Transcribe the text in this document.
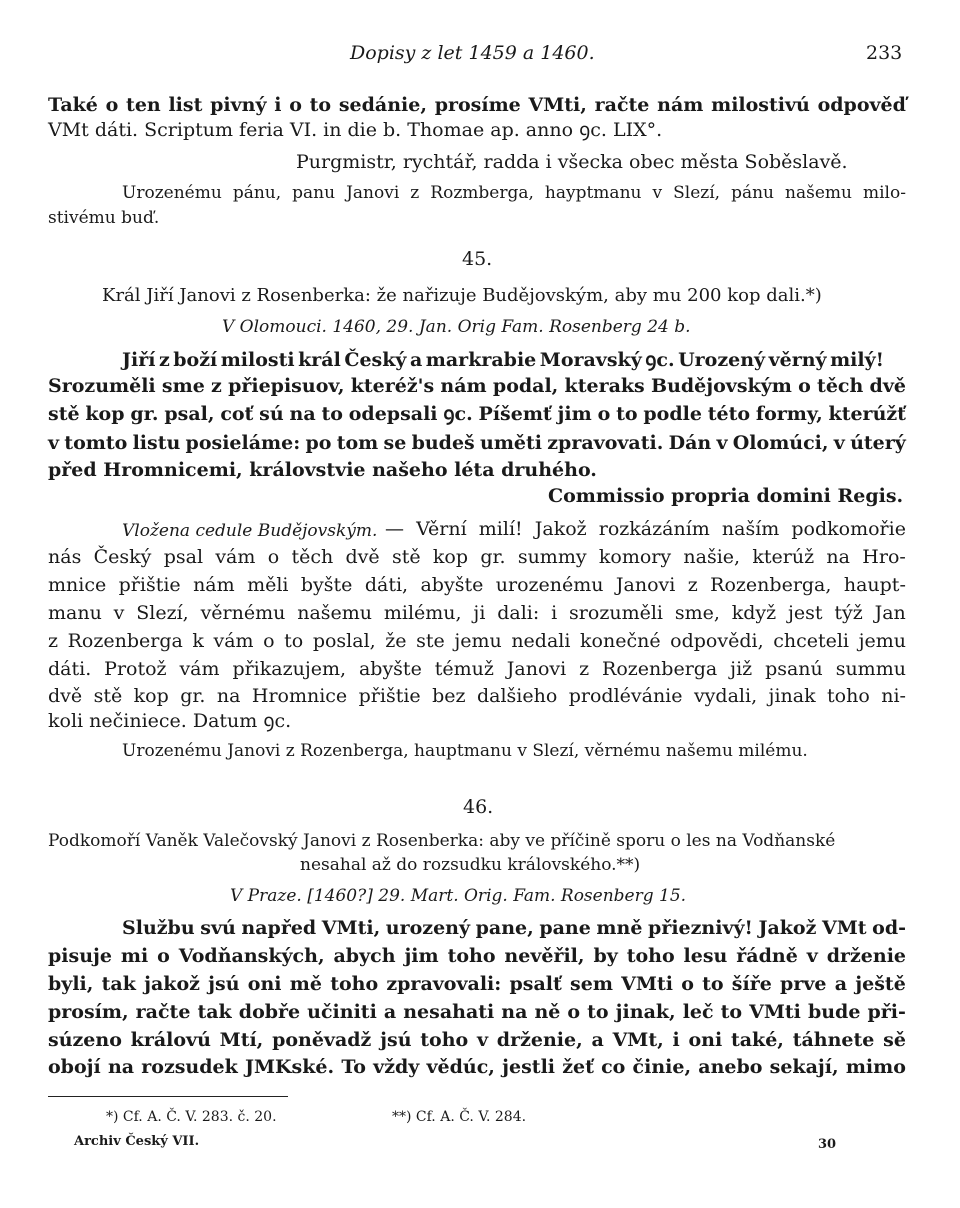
Dopisy z let 1459 a 1460.	233
Také o ten list pivný i o to sedánie, prosíme VMti, račte nám milostivú odpověď
VMt dáti. Scriptum feria VI. in die b. Thomae ap. anno ꝯc. LIX°.
Purgmistr, rychtář, radda i všecka obec města Soběslavě.
Urozenému pánu, panu Janovi z Rozmberga, hayptmanu v Slezí, pánu našemu milo-
stivému buď.
45.
Král Jiří Janovi z Rosenberka: že nařizuje Budějovským, aby mu 200 kop dali.*)
V Olomouci. 1460, 29. Jan. Orig Fam. Rosenberg 24 b.
Jiří z boží milosti král Český a markrabie Moravský ꝯc. Urozený věrný milý!
Srozuměli sme z přiepisuov, kteréž's nám podal, kteraks Budějovským o těch dvě
stě kop gr. psal, coť sú na to odepsali ꝯc. Píšemť jim o to podle této formy, kterúžť
v tomto listu posieláme: po tom se budeš uměti zpravovati. Dán v Olomúci, v úterý
před Hromnicemi, královstvie našeho léta druhého.
Commissio propria domini Regis.
Vložena cedule Budějovským. — Věrní milí! Jakož rozkázáním naším podkomořie
nás Český psal vám o těch dvě stě kop gr. summy komory našie, kterúž na Hro-
mnice přištie nám měli byšte dáti, abyšte urozenému Janovi z Rozenberga, haupt-
manu v Slezí, věrnému našemu milému, ji dali: i srozuměli sme, když jest týž Jan
z Rozenberga k vám o to poslal, že ste jemu nedali konečné odpovědi, chceteli jemu
dáti. Protož vám přikazujem, abyšte témuž Janovi z Rozenberga již psanú summu
dvě stě kop gr. na Hromnice přištie bez dalšieho prodlévánie vydali, jinak toho ni-
koli nečiniece. Datum ꝯc.
Urozenému Janovi z Rozenberga, hauptmanu v Slezí, věrnému našemu milému.
46.
Podkomoří Vaněk Valečovský Janovi z Rosenberka: aby ve příčině sporu o les na Vodňanské
nesahal až do rozsudku královského.**)
V Praze. [1460?] 29. Mart. Orig. Fam. Rosenberg 15.
Službu svú napřed VMti, urozený pane, pane mně přieznivý! Jakož VMt od-
pisuje mi o Vodňanských, abych jim toho nevěřil, by toho lesu řádně v drženie
byli, tak jakož jsú oni mě toho zpravovali: psalť sem VMti o to šíře prve a ještě
prosím, račte tak dobře učiniti a nesahati na ně o to jinak, leč to VMti bude při-
súzeno královú Mtí, poněvadž jsú toho v drženie, a VMt, i oni také, táhnete sě
obojí na rozsudek JMKské. To vždy vědúc, jestli žeť co činie, anebo sekají, mimo
*) Cf. A. Č. V. 283. č. 20.	**) Cf. A. Č. V. 284.
Archiv Český VII.	30
